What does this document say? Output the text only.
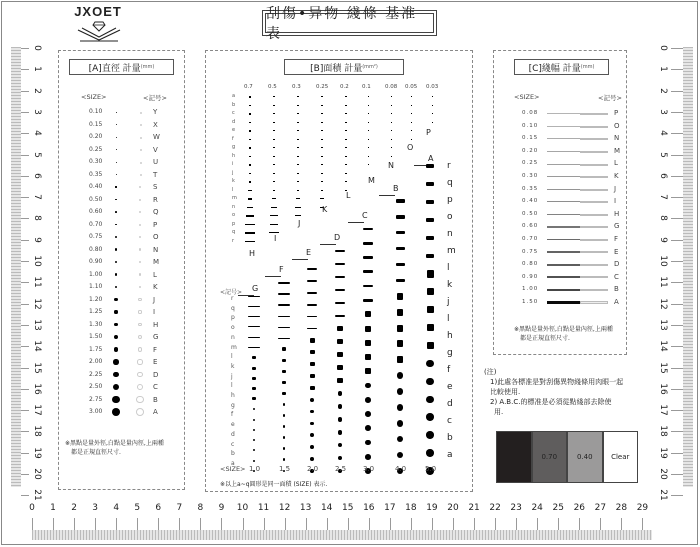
JXOET	刮傷•异物 綫條 基准表
0
1
2
3
4
5
6
7
8
9
10
11
12
13
14
15
16
17
18
19
20
21
0
1
2
3
4
5
6
7
8
9
10
11
12
13
14
15
16
17
18
19
20
21
0	1	2	3	4	5	6	7	8	9	10 11 12 13 14 15 16 17 18 19 20 21 22 23 24 25 26 27 28 29
[A]直徑 計量 (mm)
<SIZE>	<記号>
0.10	Y
0.15	X
0.20	W
0.25	V
0.30	U
0.35	T
0.40	S
0.50	R
0.60	Q
0.70	P
0.75	O
0.80	N
0.90	M
1.00	L
1.10	K
1.20	J
1.25	I
1.30	H
1.50	G
1.75	F
2.00	E
2.25	D
2.50	C
2.75	B
3.00	A
※黑點是量外徑,白點是量內徑,上兩種
都是正規直徑尺寸.
[B]面積 計量 (mm²)
0.7	0.5	0.3	0.25 0.2 0.1	0.08 0.05 0.03
a
b
c
d
e
f
g
h
i
j
k
l
m
n
o
p
q
r
H
I
J
K
L
M
N
O
P
G
F
E
D
C
B
A
r
q
p
o
n
m
l
k
j
l
h
g
f
e
d
c
b
a
<記号>
r
q
p
o
n
m
l
k
j
l
h
g
f
e
d
c
b
a
<SIZE> 1.0	1.5 2.0 2.5 3.0	4.0	5.0
※以上a~q圓形是同一面積 (SIZE) 表示.
[C]綫幅 計量 (mm)
<SIZE>	<記号>
0.08	P
0.10	O
0.15	N
0.20	M
0.25	L
0.30	K
0.35	J
0.40	I
0.50	H
0.60	G
0.70	F
0.75	E
0.80	D
0.90	C
1.00	B
1.50	A
※黑點是量外徑,白點是量內徑,上兩種
都是正規直徑尺寸.
(注)
1)此處各標准是對刮傷異物綫條用肉眼一起
比較使用.
2) A.B.C.的標准是必須從點綫部去除使
用.
0.70	0.40	Clear
